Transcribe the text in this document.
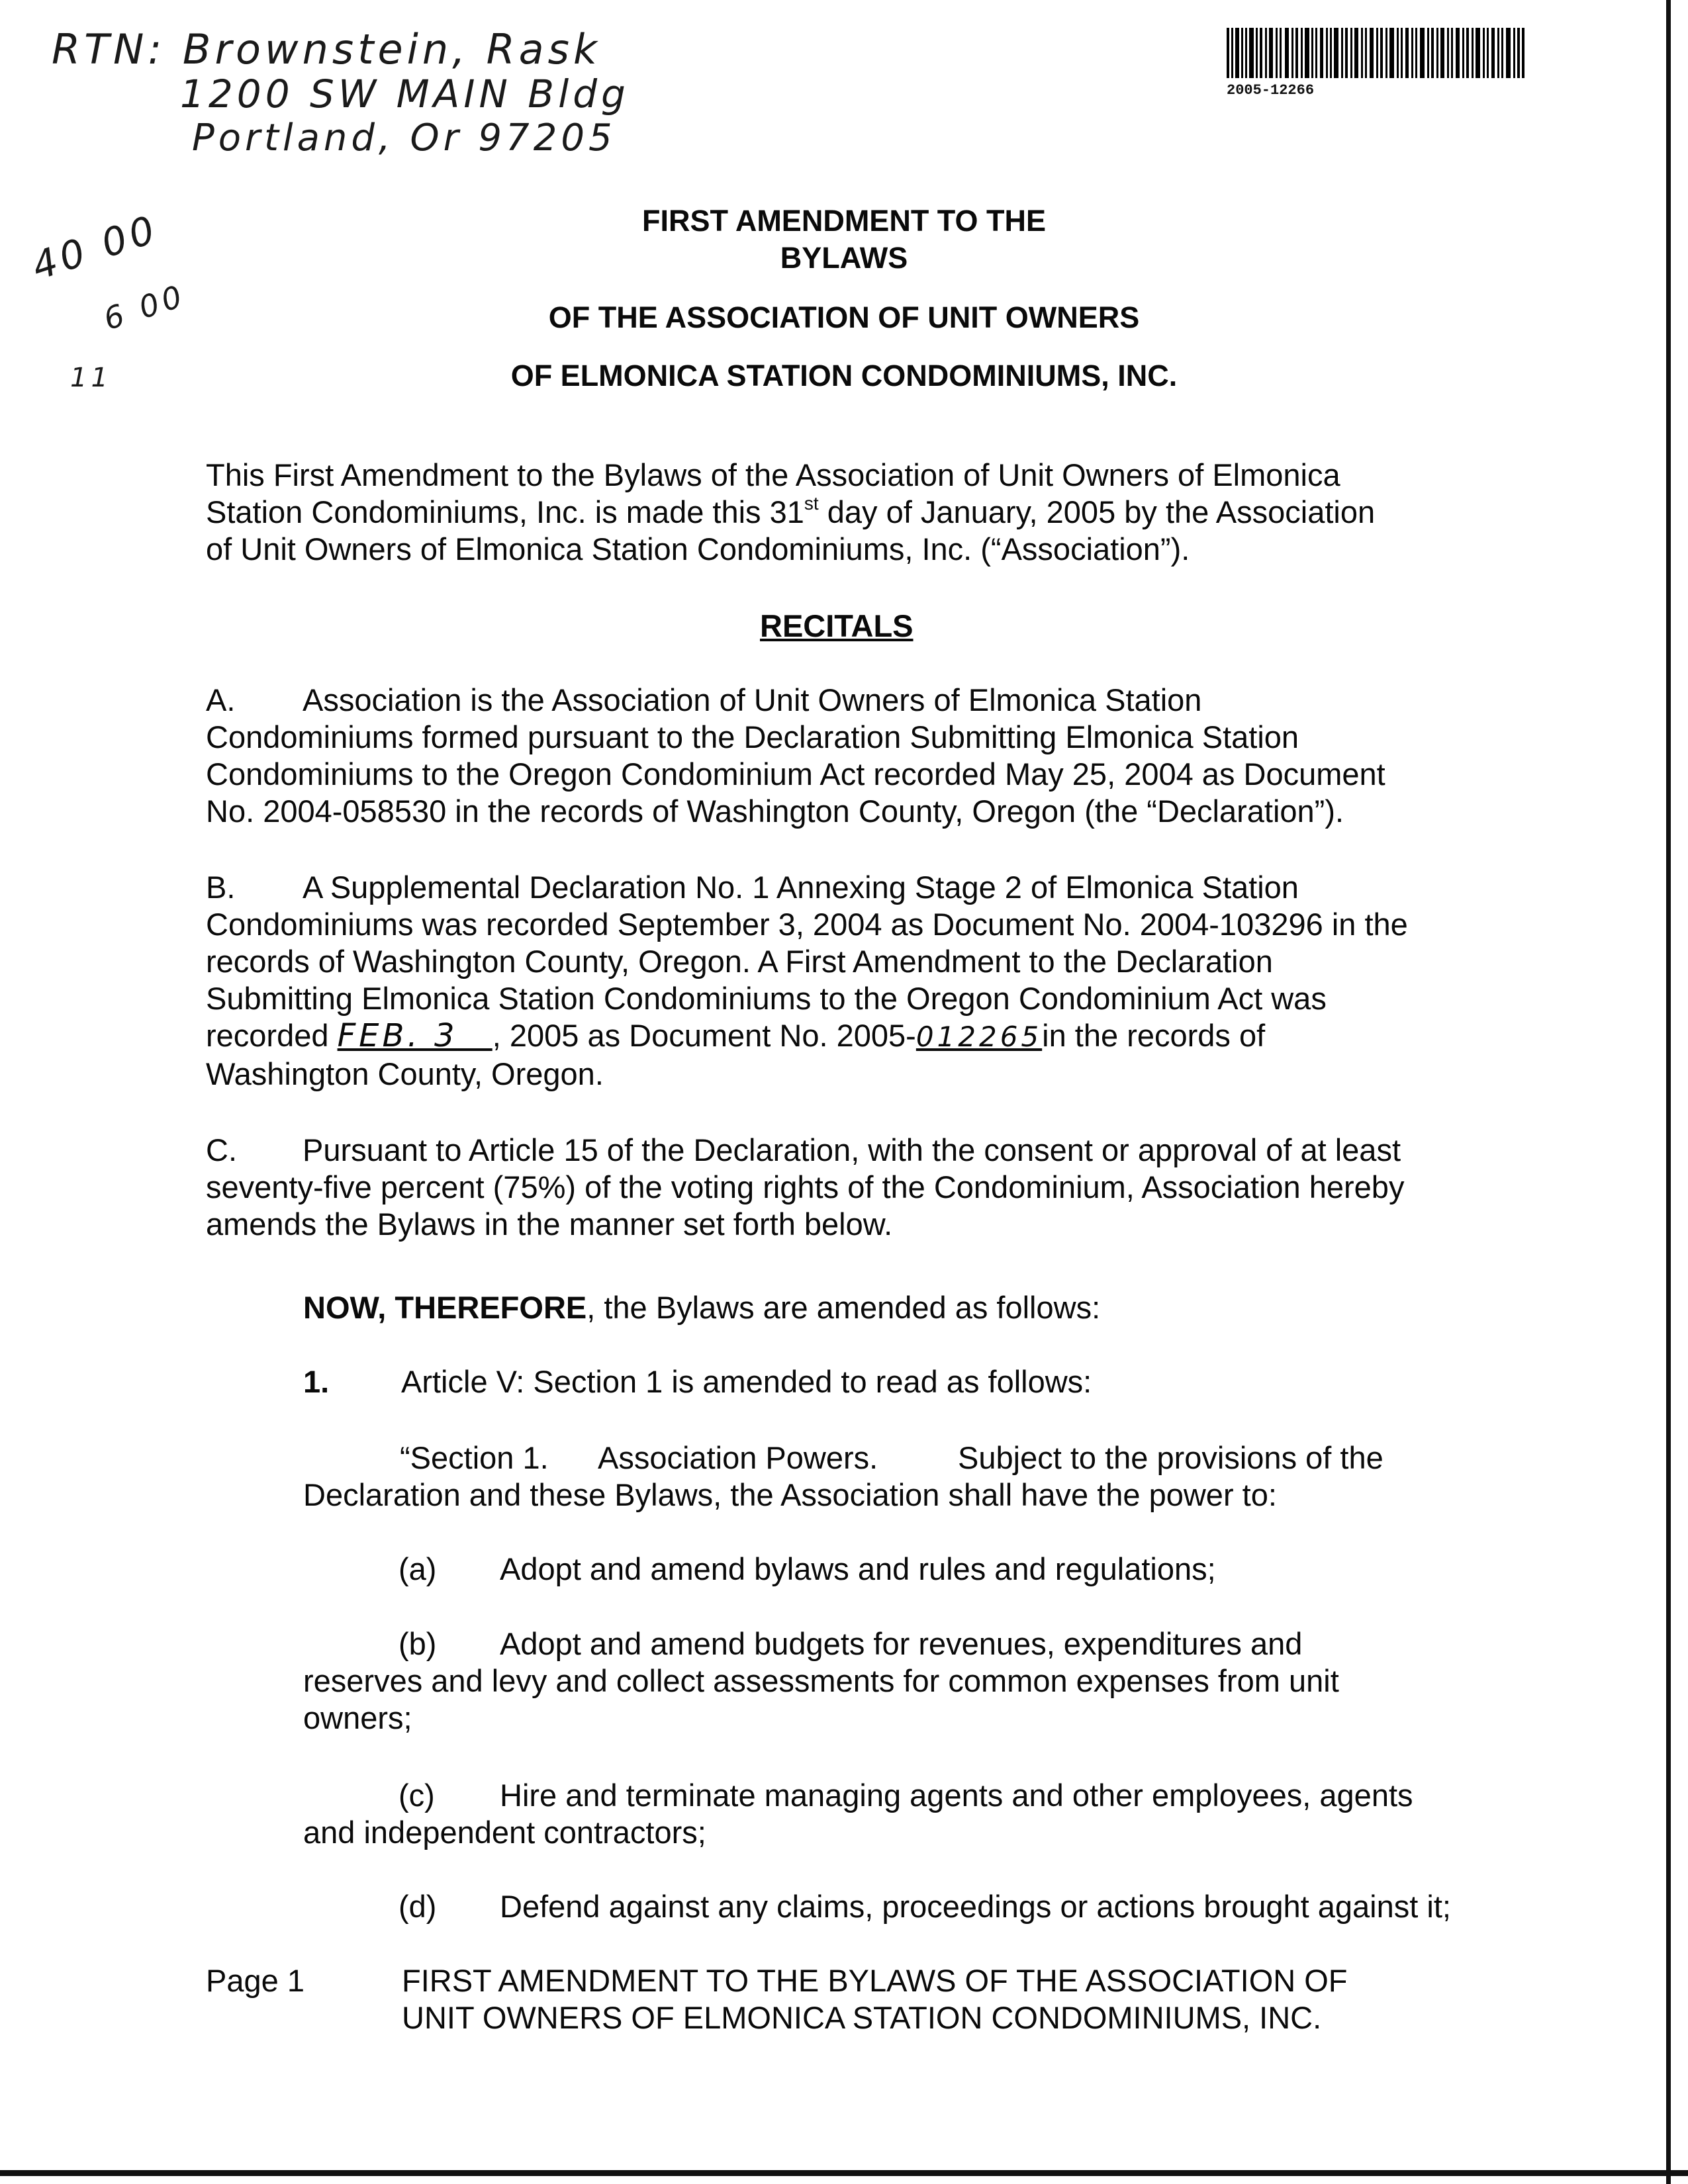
RTN: Brownstein, Rask
1200 SW MAIN Bldg
Portland, Or 97205
40 00
6 00
11
2005-12266
FIRST AMENDMENT TO THE
BYLAWS
OF THE ASSOCIATION OF UNIT OWNERS
OF ELMONICA STATION CONDOMINIUMS, INC.
This First Amendment to the Bylaws of the Association of Unit Owners of Elmonica
Station Condominiums, Inc. is made this 31st day of January, 2005 by the Association
of Unit Owners of Elmonica Station Condominiums, Inc. (“Association”).
RECITALS
A. Association is the Association of Unit Owners of Elmonica Station
Condominiums formed pursuant to the Declaration Submitting Elmonica Station
Condominiums to the Oregon Condominium Act recorded May 25, 2004 as Document
No. 2004-058530 in the records of Washington County, Oregon (the “Declaration”).
B. A Supplemental Declaration No. 1 Annexing Stage 2 of Elmonica Station
Condominiums was recorded September 3, 2004 as Document No. 2004-103296 in the
records of Washington County, Oregon. A First Amendment to the Declaration
Submitting Elmonica Station Condominiums to the Oregon Condominium Act was
recorded FEB. 3 , 2005 as Document No. 2005-012265in the records of
Washington County, Oregon.
C. Pursuant to Article 15 of the Declaration, with the consent or approval of at least
seventy-five percent (75%) of the voting rights of the Condominium, Association hereby
amends the Bylaws in the manner set forth below.
NOW, THEREFORE, the Bylaws are amended as follows:
1. Article V: Section 1 is amended to read as follows:
“Section 1. Association Powers.	Subject to the provisions of the
Declaration and these Bylaws, the Association shall have the power to:
(a) Adopt and amend bylaws and rules and regulations;
(b) Adopt and amend budgets for revenues, expenditures and
reserves and levy and collect assessments for common expenses from unit
owners;
(c) Hire and terminate managing agents and other employees, agents
and independent contractors;
(d) Defend against any claims, proceedings or actions brought against it;
Page 1	FIRST AMENDMENT TO THE BYLAWS OF THE ASSOCIATION OF
UNIT OWNERS OF ELMONICA STATION CONDOMINIUMS, INC.
